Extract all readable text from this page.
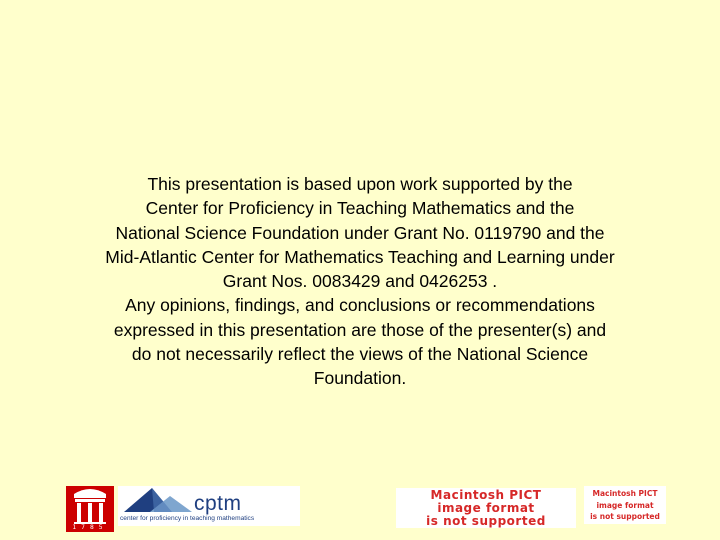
This presentation is based upon work supported by the
Center for Proficiency in Teaching Mathematics and the
National Science Foundation under Grant No. 0119790 and the
Mid-Atlantic Center for Mathematics Teaching and Learning under
Grant Nos. 0083429 and 0426253 .
Any opinions, findings, and conclusions or recommendations
expressed in this presentation are those of the presenter(s) and
do not necessarily reflect the views of the National Science
Foundation.
1785
cptm
center for proficiency in teaching mathematics
Macintosh PICT
image format
is not supported
Macintosh PICT
image format
is not supported
